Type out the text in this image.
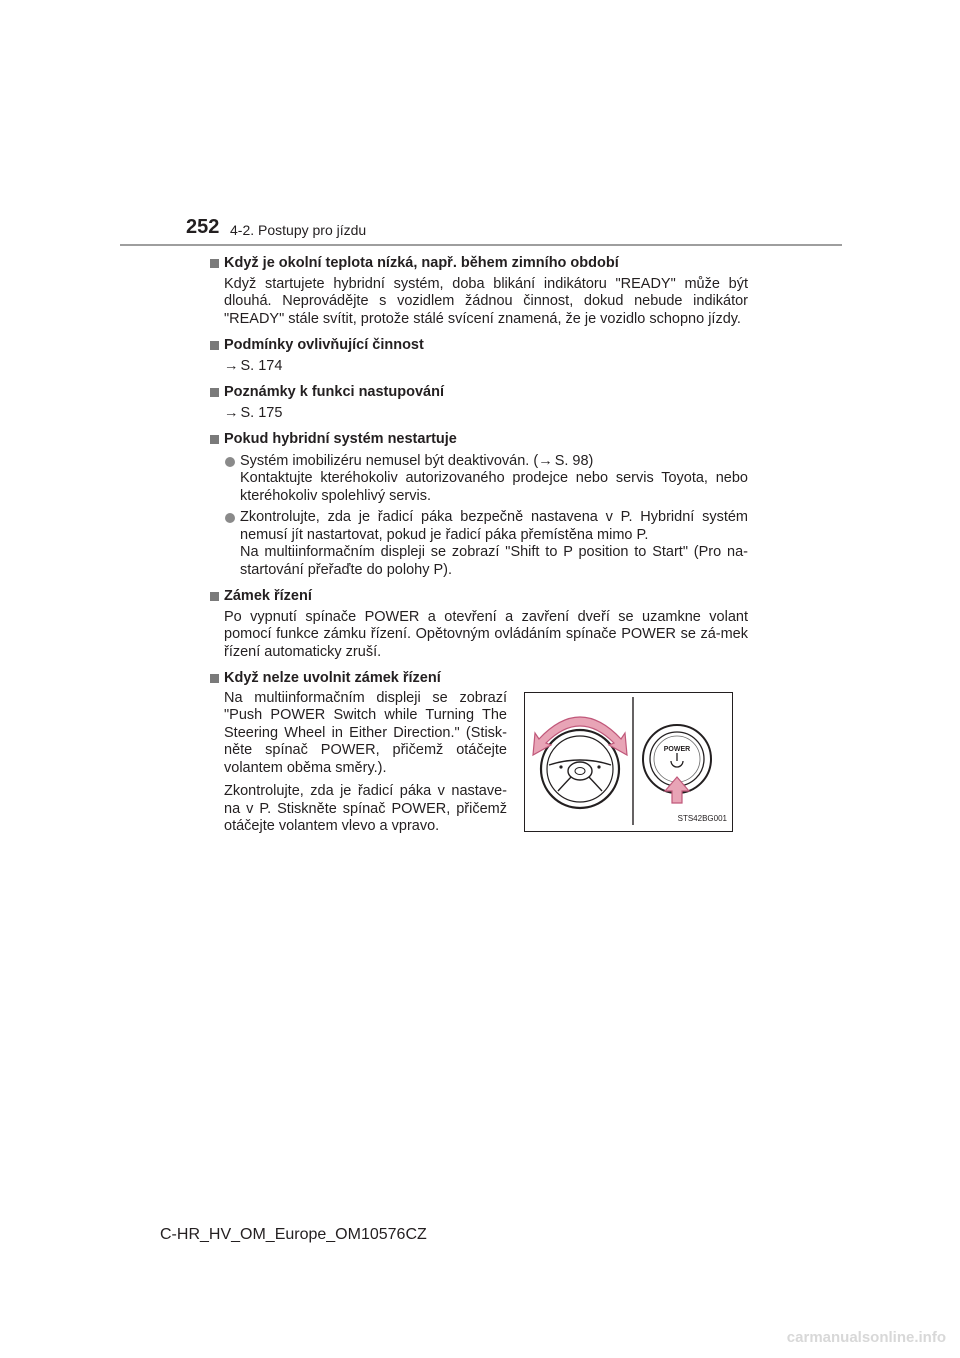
252 4-2. Postupy pro jízdu
Když je okolní teplota nízká, např. během zimního období
Když startujete hybridní systém, doba blikání indikátoru "READY" může být dlouhá. Neprovádějte s vozidlem žádnou činnost, dokud nebude indikátor "READY" stále svítit, protože stálé svícení znamená, že je vozidlo schopno jízdy.
Podmínky ovlivňující činnost
→ S. 174
Poznámky k funkci nastupování
→ S. 175
Pokud hybridní systém nestartuje

Systém imobilizéru nemusel být deaktivován. (→ S. 98)

Kontaktujte kteréhokoliv autorizovaného prodejce nebo servis Toyota, nebo kteréhokoliv spolehlivý servis.

Zkontrolujte, zda je řadicí páka bezpečně nastavena v P. Hybridní systém nemusí jít nastartovat, pokud je řadicí páka přemístěna mimo P.

Na multiinformačním displeji se zobrazí "Shift to P position to Start" (Pro na-startování přeřaďte do polohy P).

Zámek řízení
Po vypnutí spínače POWER a otevření a zavření dveří se uzamkne volant pomocí funkce zámku řízení. Opětovným ovládáním spínače POWER se zá-mek řízení automaticky zruší.
Když nelze uvolnit zámek řízení

Na multiinformačním displeji se zobrazí "Push POWER Switch while Turning The Steering Wheel in Either Direction." (Stisk-něte spínač POWER, přičemž otáčejte volantem oběma směry.).

Zkontrolujte, zda je řadicí páka v nastave-na v P. Stiskněte spínač POWER, přičemž otáčejte volantem vlevo a vpravo.

POWER
STS42BG001
C-HR_HV_OM_Europe_OM10576CZ
carmanualsonline.info
